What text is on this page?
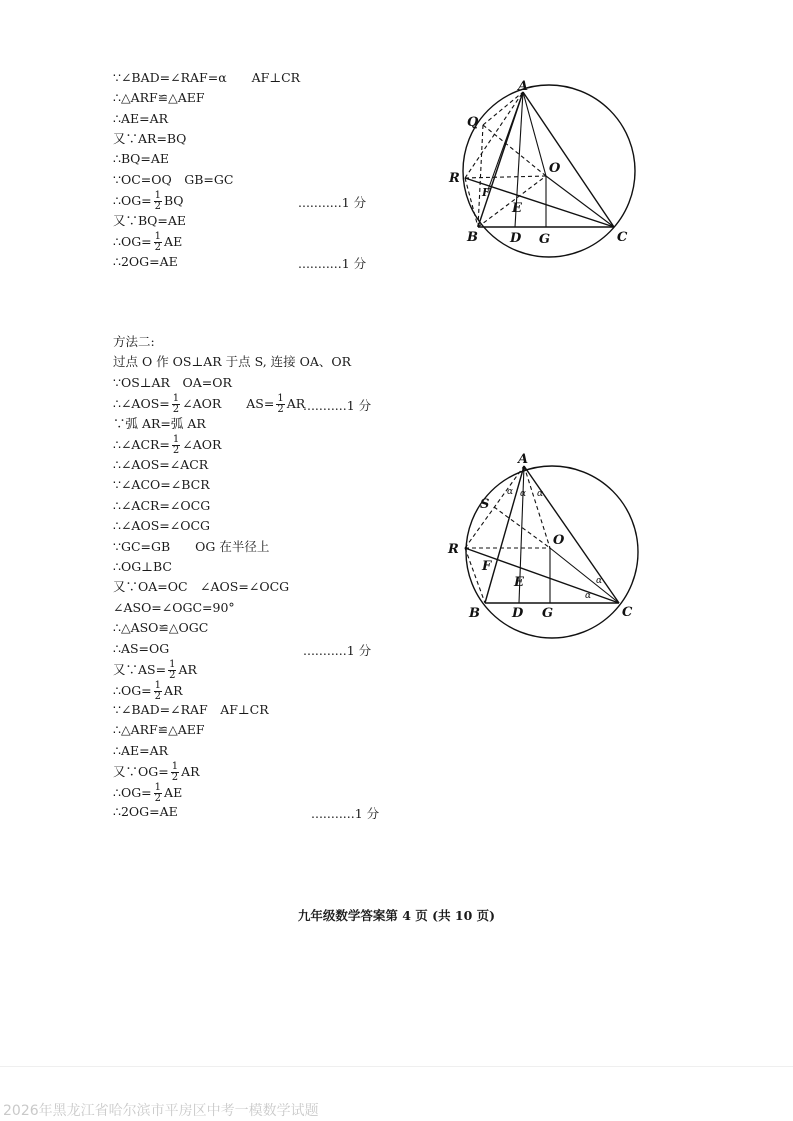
∵∠BAD=∠RAF=α　　AF⊥CR
∴△ARF≌△AEF
∴AE=AR
又∵AR=BQ
∴BQ=AE
∵OC=OQ　GB=GC
∴OG= $\frac{1}{2}$ BQ
又∵BQ=AE
∴OG= $\frac{1}{2}$ AE
∴2OG=AE
...........1 分
...........1 分
方法二:
过点 O 作 OS⊥AR 于点 S, 连接 OA、OR
∵OS⊥AR　OA=OR
∴∠AOS= $\frac{1}{2}$ ∠AOR　　$AS= \frac{1}{2}$ AR
∵弧 AR=弧 AR
∴∠ACR= $\frac{1}{2}$ ∠AOR
∴∠AOS=∠ACR
∵∠ACO=∠BCR
∴∠ACR=∠OCG
∴∠AOS=∠OCG
∵GC=GB　　OG 在半径上
∴OG⊥BC
又∵OA=OC　∠AOS=∠OCG
∠ASO=∠OGC=90°
∴△ASO≌△OGC
∴AS=OG
又∵AS= $\frac{1}{2}$ AR
∴OG= $\frac{1}{2}$ AR
∵∠BAD=∠RAF　AF⊥CR
∴△ARF≌△AEF
∴AE=AR
又∵OG= $\frac{1}{2}$ AR
∴OG= $\frac{1}{2}$ AE
∴2OG=AE
...........1 分
...........1 分
...........1 分
A
Q
R
O
F
E
B D G	C
A
S
R
O
F
E
B D G	C
α α α
α
α
九年级数学答案第 4 页 (共 10 页)
2026年黑龙江省哈尔滨市平房区中考一模数学试题
